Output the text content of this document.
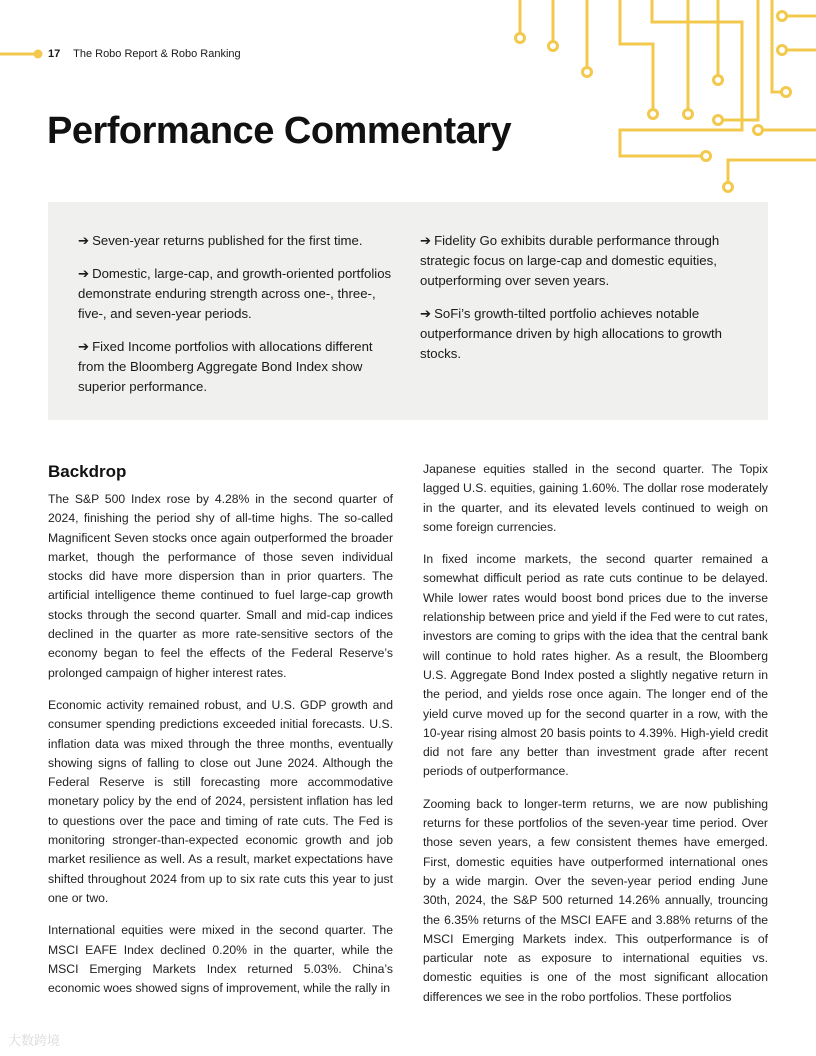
17 The Robo Report & Robo Ranking
Performance Commentary

➔ Seven-year returns published for the first time.

➔ Domestic, large-cap, and growth-oriented portfolios demonstrate enduring strength across one-, three-, five-, and seven-year periods.

➔ Fixed Income portfolios with allocations different from the Bloomberg Aggregate Bond Index show superior performance.

➔ Fidelity Go exhibits durable performance through strategic focus on large-cap and domestic equities, outperforming over seven years.

➔ SoFi’s growth-tilted portfolio achieves notable outperformance driven by high allocations to growth stocks.

Backdrop

The S&P 500 Index rose by 4.28% in the second quarter of 2024, finishing the period shy of all-time highs. The so-called Magnificent Seven stocks once again outperformed the broader market, though the performance of those seven individual stocks did have more dispersion than in prior quarters. The artificial intelligence theme continued to fuel large-cap growth stocks through the second quarter. Small and mid-cap indices declined in the quarter as more rate-sensitive sectors of the economy began to feel the effects of the Federal Reserve’s prolonged campaign of higher interest rates.

Economic activity remained robust, and U.S. GDP growth and consumer spending predictions exceeded initial forecasts. U.S. inflation data was mixed through the three months, eventually showing signs of falling to close out June 2024. Although the Federal Reserve is still forecasting more accommodative monetary policy by the end of 2024, persistent inflation has led to questions over the pace and timing of rate cuts. The Fed is monitoring stronger-than-expected economic growth and job market resilience as well. As a result, market expectations have shifted throughout 2024 from up to six rate cuts this year to just one or two.

International equities were mixed in the second quarter. The MSCI EAFE Index declined 0.20% in the quarter, while the MSCI Emerging Markets Index returned 5.03%. China’s economic woes showed signs of improvement, while the rally in

Japanese equities stalled in the second quarter. The Topix lagged U.S. equities, gaining 1.60%. The dollar rose moderately in the quarter, and its elevated levels continued to weigh on some foreign currencies.

In fixed income markets, the second quarter remained a somewhat difficult period as rate cuts continue to be delayed. While lower rates would boost bond prices due to the inverse relationship between price and yield if the Fed were to cut rates, investors are coming to grips with the idea that the central bank will continue to hold rates higher. As a result, the Bloomberg U.S. Aggregate Bond Index posted a slightly negative return in the period, and yields rose once again. The longer end of the yield curve moved up for the second quarter in a row, with the 10-year rising almost 20 basis points to 4.39%. High-yield credit did not fare any better than investment grade after recent periods of outperformance.

Zooming back to longer-term returns, we are now publishing returns for these portfolios of the seven-year time period. Over those seven years, a few consistent themes have emerged. First, domestic equities have outperformed international ones by a wide margin. Over the seven-year period ending June 30th, 2024, the S&P 500 returned 14.26% annually, trouncing the 6.35% returns of the MSCI EAFE and 3.88% returns of the MSCI Emerging Markets index. This outperformance is of particular note as exposure to international equities vs. domestic equities is one of the most significant allocation differences we see in the robo portfolios. These portfolios

大数跨境
